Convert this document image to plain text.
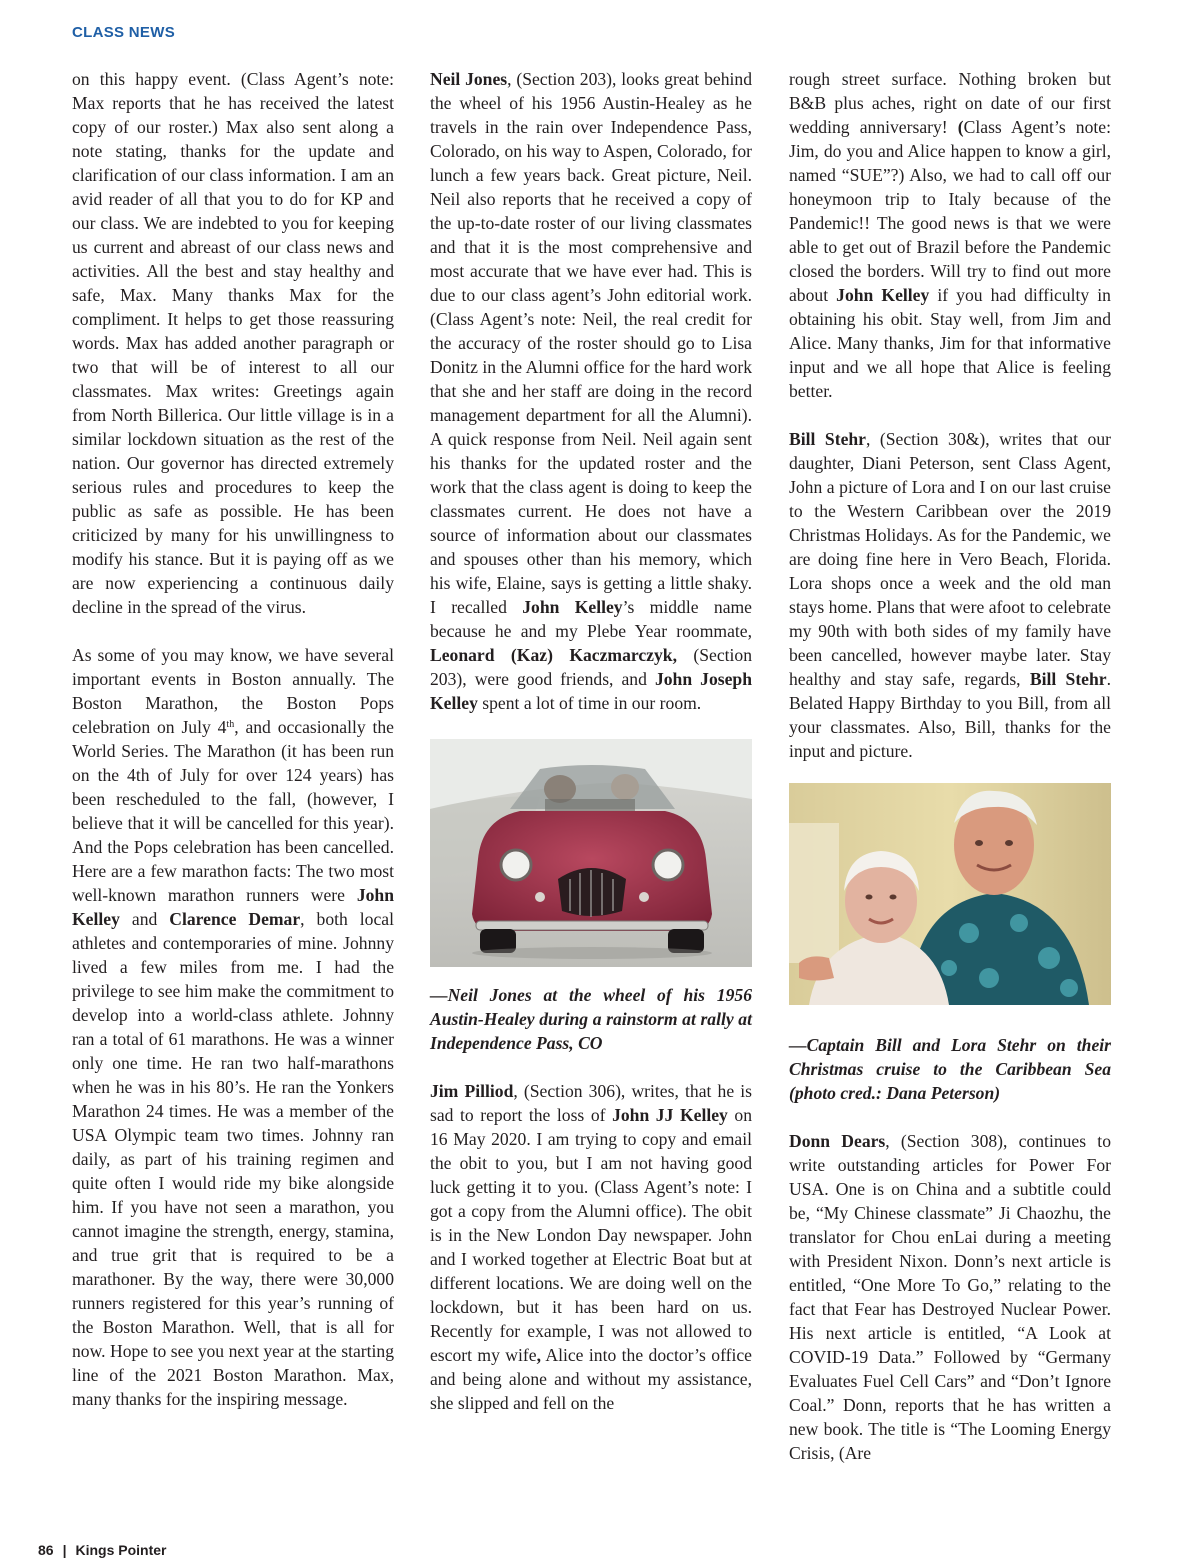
CLASS NEWS

on this happy event. (Class Agent’s note: Max reports that he has received the latest copy of our roster.) Max also sent along a note stating, thanks for the update and clarification of our class information. I am an avid reader of all that you to do for KP and our class. We are indebted to you for keeping us current and abreast of our class news and activities. All the best and stay healthy and safe, Max. Many thanks Max for the compliment. It helps to get those reassuring words. Max has added another paragraph or two that will be of interest to all our classmates. Max writes: Greetings again from North Billerica. Our little village is in a similar lockdown situation as the rest of the nation. Our governor has directed extremely serious rules and procedures to keep the public as safe as possible. He has been criticized by many for his unwillingness to modify his stance. But it is paying off as we are now experiencing a continuous daily decline in the spread of the virus.

As some of you may know, we have several important events in Boston annually. The Boston Marathon, the Boston Pops celebration on July 4th, and occasionally the World Series. The Marathon (it has been run on the 4th of July for over 124 years) has been rescheduled to the fall, (however, I believe that it will be cancelled for this year). And the Pops celebration has been cancelled. Here are a few marathon facts: The two most well-known marathon runners were John Kelley and Clarence Demar, both local athletes and contemporaries of mine. Johnny lived a few miles from me. I had the privilege to see him make the commitment to develop into a world-class athlete. Johnny ran a total of 61 marathons. He was a winner only one time. He ran two half-marathons when he was in his 80’s. He ran the Yonkers Marathon 24 times. He was a member of the USA Olympic team two times. Johnny ran daily, as part of his training regimen and quite often I would ride my bike alongside him. If you have not seen a marathon, you cannot imagine the strength, energy, stamina, and true grit that is required to be a marathoner. By the way, there were 30,000 runners registered for this year’s running of the Boston Marathon. Well, that is all for now. Hope to see you next year at the starting line of the 2021 Boston Marathon. Max, many thanks for the inspiring message.

Neil Jones, (Section 203), looks great behind the wheel of his 1956 Austin-Healey as he travels in the rain over Independence Pass, Colorado, on his way to Aspen, Colorado, for lunch a few years back. Great picture, Neil. Neil also reports that he received a copy of the up-to-date roster of our living classmates and that it is the most comprehensive and most accurate that we have ever had. This is due to our class agent’s John editorial work. (Class Agent’s note: Neil, the real credit for the accuracy of the roster should go to Lisa Donitz in the Alumni office for the hard work that she and her staff are doing in the record management department for all the Alumni). A quick response from Neil. Neil again sent his thanks for the updated roster and the work that the class agent is doing to keep the classmates current. He does not have a source of information about our classmates and spouses other than his memory, which his wife, Elaine, says is getting a little shaky. I recalled John Kelley’s middle name because he and my Plebe Year roommate, Leonard (Kaz) Kaczmarczyk, (Section 203), were good friends, and John Joseph Kelley spent a lot of time in our room.

—Neil Jones at the wheel of his 1956 Austin-Healey during a rainstorm at rally at Independence Pass, CO

Jim Pilliod, (Section 306), writes, that he is sad to report the loss of John JJ Kelley on 16 May 2020. I am trying to copy and email the obit to you, but I am not having good luck getting it to you. (Class Agent’s note: I got a copy from the Alumni office). The obit is in the New London Day newspaper. John and I worked together at Electric Boat but at different locations. We are doing well on the lockdown, but it has been hard on us. Recently for example, I was not allowed to escort my wife, Alice into the doctor’s office and being alone and without my assistance, she slipped and fell on the

rough street surface. Nothing broken but B&B plus aches, right on date of our first wedding anniversary! (Class Agent’s note: Jim, do you and Alice happen to know a girl, named “SUE”?) Also, we had to call off our honeymoon trip to Italy because of the Pandemic!! The good news is that we were able to get out of Brazil before the Pandemic closed the borders. Will try to find out more about John Kelley if you had difficulty in obtaining his obit. Stay well, from Jim and Alice. Many thanks, Jim for that informative input and we all hope that Alice is feeling better.

Bill Stehr, (Section 30&), writes that our daughter, Diani Peterson, sent Class Agent, John a picture of Lora and I on our last cruise to the Western Caribbean over the 2019 Christmas Holidays. As for the Pandemic, we are doing fine here in Vero Beach, Florida. Lora shops once a week and the old man stays home. Plans that were afoot to celebrate my 90th with both sides of my family have been cancelled, however maybe later. Stay healthy and stay safe, regards, Bill Stehr. Belated Happy Birthday to you Bill, from all your classmates. Also, Bill, thanks for the input and picture.

—Captain Bill and Lora Stehr on their Christmas cruise to the Caribbean Sea (photo cred.: Dana Peterson)

Donn Dears, (Section 308), continues to write outstanding articles for Power For USA. One is on China and a subtitle could be, “My Chinese classmate” Ji Chaozhu, the translator for Chou enLai during a meeting with President Nixon. Donn’s next article is entitled, “One More To Go,” relating to the fact that Fear has Destroyed Nuclear Power. His next article is entitled, “A Look at COVID-19 Data.” Followed by “Germany Evaluates Fuel Cell Cars” and “Don’t Ignore Coal.” Donn, reports that he has written a new book. The title is “The Looming Energy Crisis, (Are

86 | Kings Pointer
